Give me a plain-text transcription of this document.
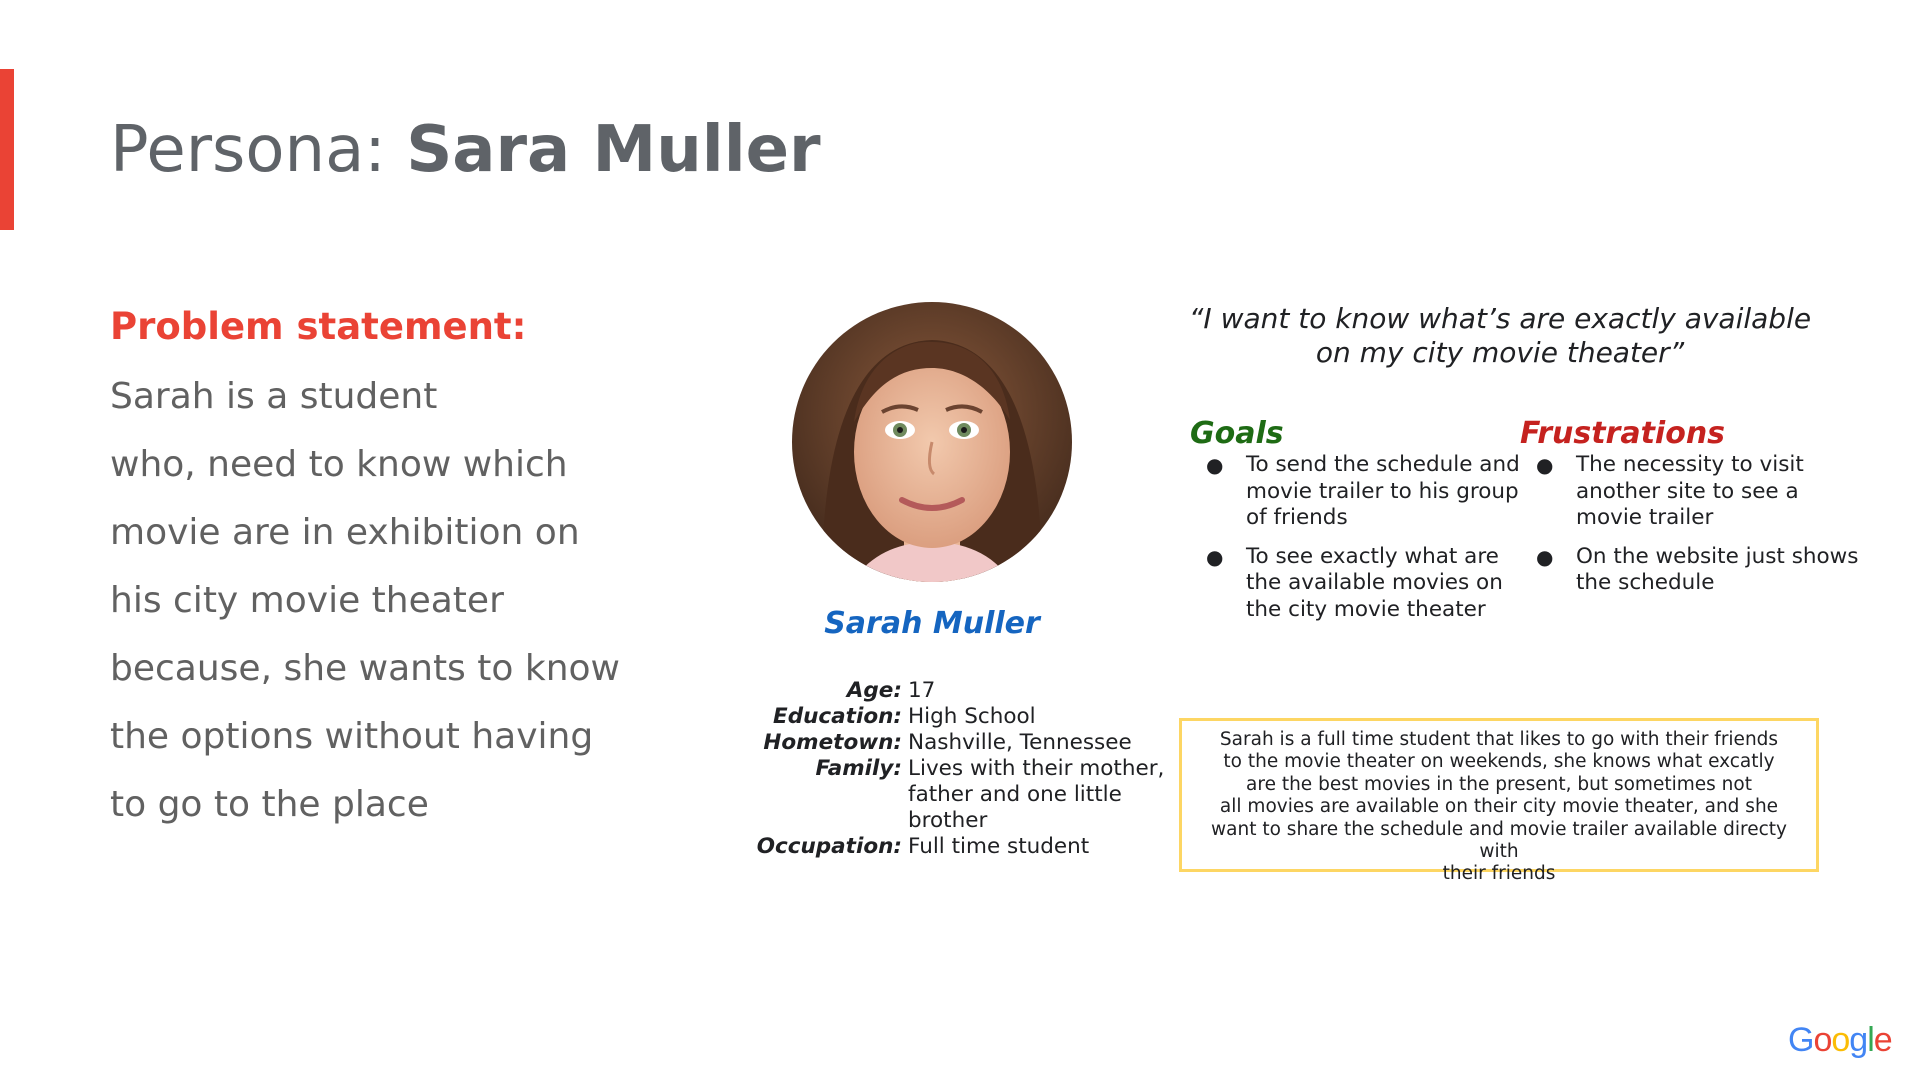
Persona: Sara Muller
Problem statement:
Sarah is a student
who, need to know which
movie are in exhibition on
his city movie theater
because, she wants to know
the options without having
to go to the place
Sarah Muller
Age: 17
Education: High School
Hometown: Nashville, Tennessee
Family: Lives with their mother, father and one little brother
Occupation: Full time student
“I want to know what’s are exactly available on my city movie theater”
Goals
● To send the schedule and movie trailer to his group of friends
● To see exactly what are the available movies on the city movie theater
Frustrations
● The necessity to visit another site to see a movie trailer
● On the website just shows the schedule
Sarah is a full time student that likes to go with their friends
to the movie theater on weekends, she knows what excatly
are the best movies in the present, but sometimes not
all movies are available on their city movie theater, and she
want to share the schedule and movie trailer available directy with
their friends
Google
